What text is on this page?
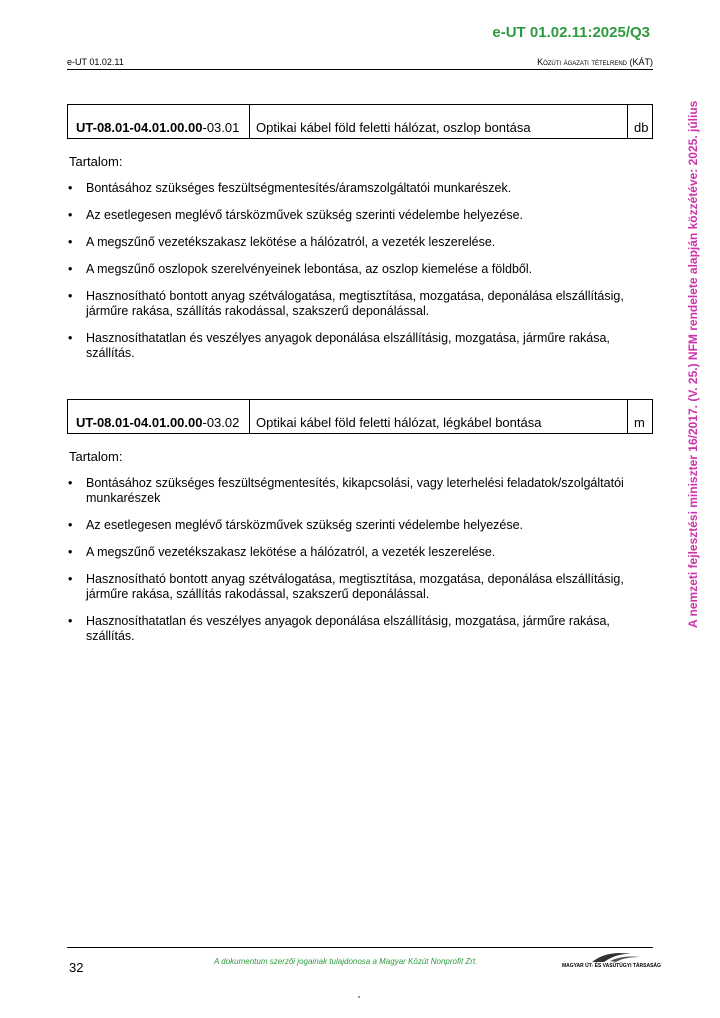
e-UT 01.02.11:2025/Q3
e-UT 01.02.11	Közúti ágazati tételrend (KÁT)
A nemzeti fejlesztési miniszter 16/2017. (V. 25.) NFM rendelete alapján közzétéve: 2025. július
UT-08.01-04.01.00.00-03.01	Optikai kábel föld feletti hálózat, oszlop bontása	db
Tartalom:
• Bontásához szükséges feszültségmentesítés/áramszolgáltatói munkarészek.
• Az esetlegesen meglévő társközművek szükség szerinti védelembe helyezése.
• A megszűnő vezetékszakasz lekötése a hálózatról, a vezeték leszerelése.
• A megszűnő oszlopok szerelvényeinek lebontása, az oszlop kiemelése a földből.
• Hasznosítható bontott anyag szétválogatása, megtisztítása, mozgatása, deponálása elszállításig, járműre rakása, szállítás rakodással, szakszerű deponálással.
• Hasznosíthatatlan és veszélyes anyagok deponálása elszállításig, mozgatása, járműre rakása, szállítás.
UT-08.01-04.01.00.00-03.02	Optikai kábel föld feletti hálózat, légkábel bontása	m
Tartalom:
• Bontásához szükséges feszültségmentesítés, kikapcsolási, vagy leterhelési feladatok/szolgáltatói munkarészek
• Az esetlegesen meglévő társközművek szükség szerinti védelembe helyezése.
• A megszűnő vezetékszakasz lekötése a hálózatról, a vezeték leszerelése.
• Hasznosítható bontott anyag szétválogatása, megtisztítása, mozgatása, deponálása elszállításig, járműre rakása, szállítás rakodással, szakszerű deponálással.
• Hasznosíthatatlan és veszélyes anyagok deponálása elszállításig, mozgatása, járműre rakása, szállítás.
32	A dokumentum szerzői jogainak tulajdonosa a Magyar Közút Nonprofit Zrt.	MAGYAR ÚT- ÉS VASÚTÜGYI TÁRSASÁG
